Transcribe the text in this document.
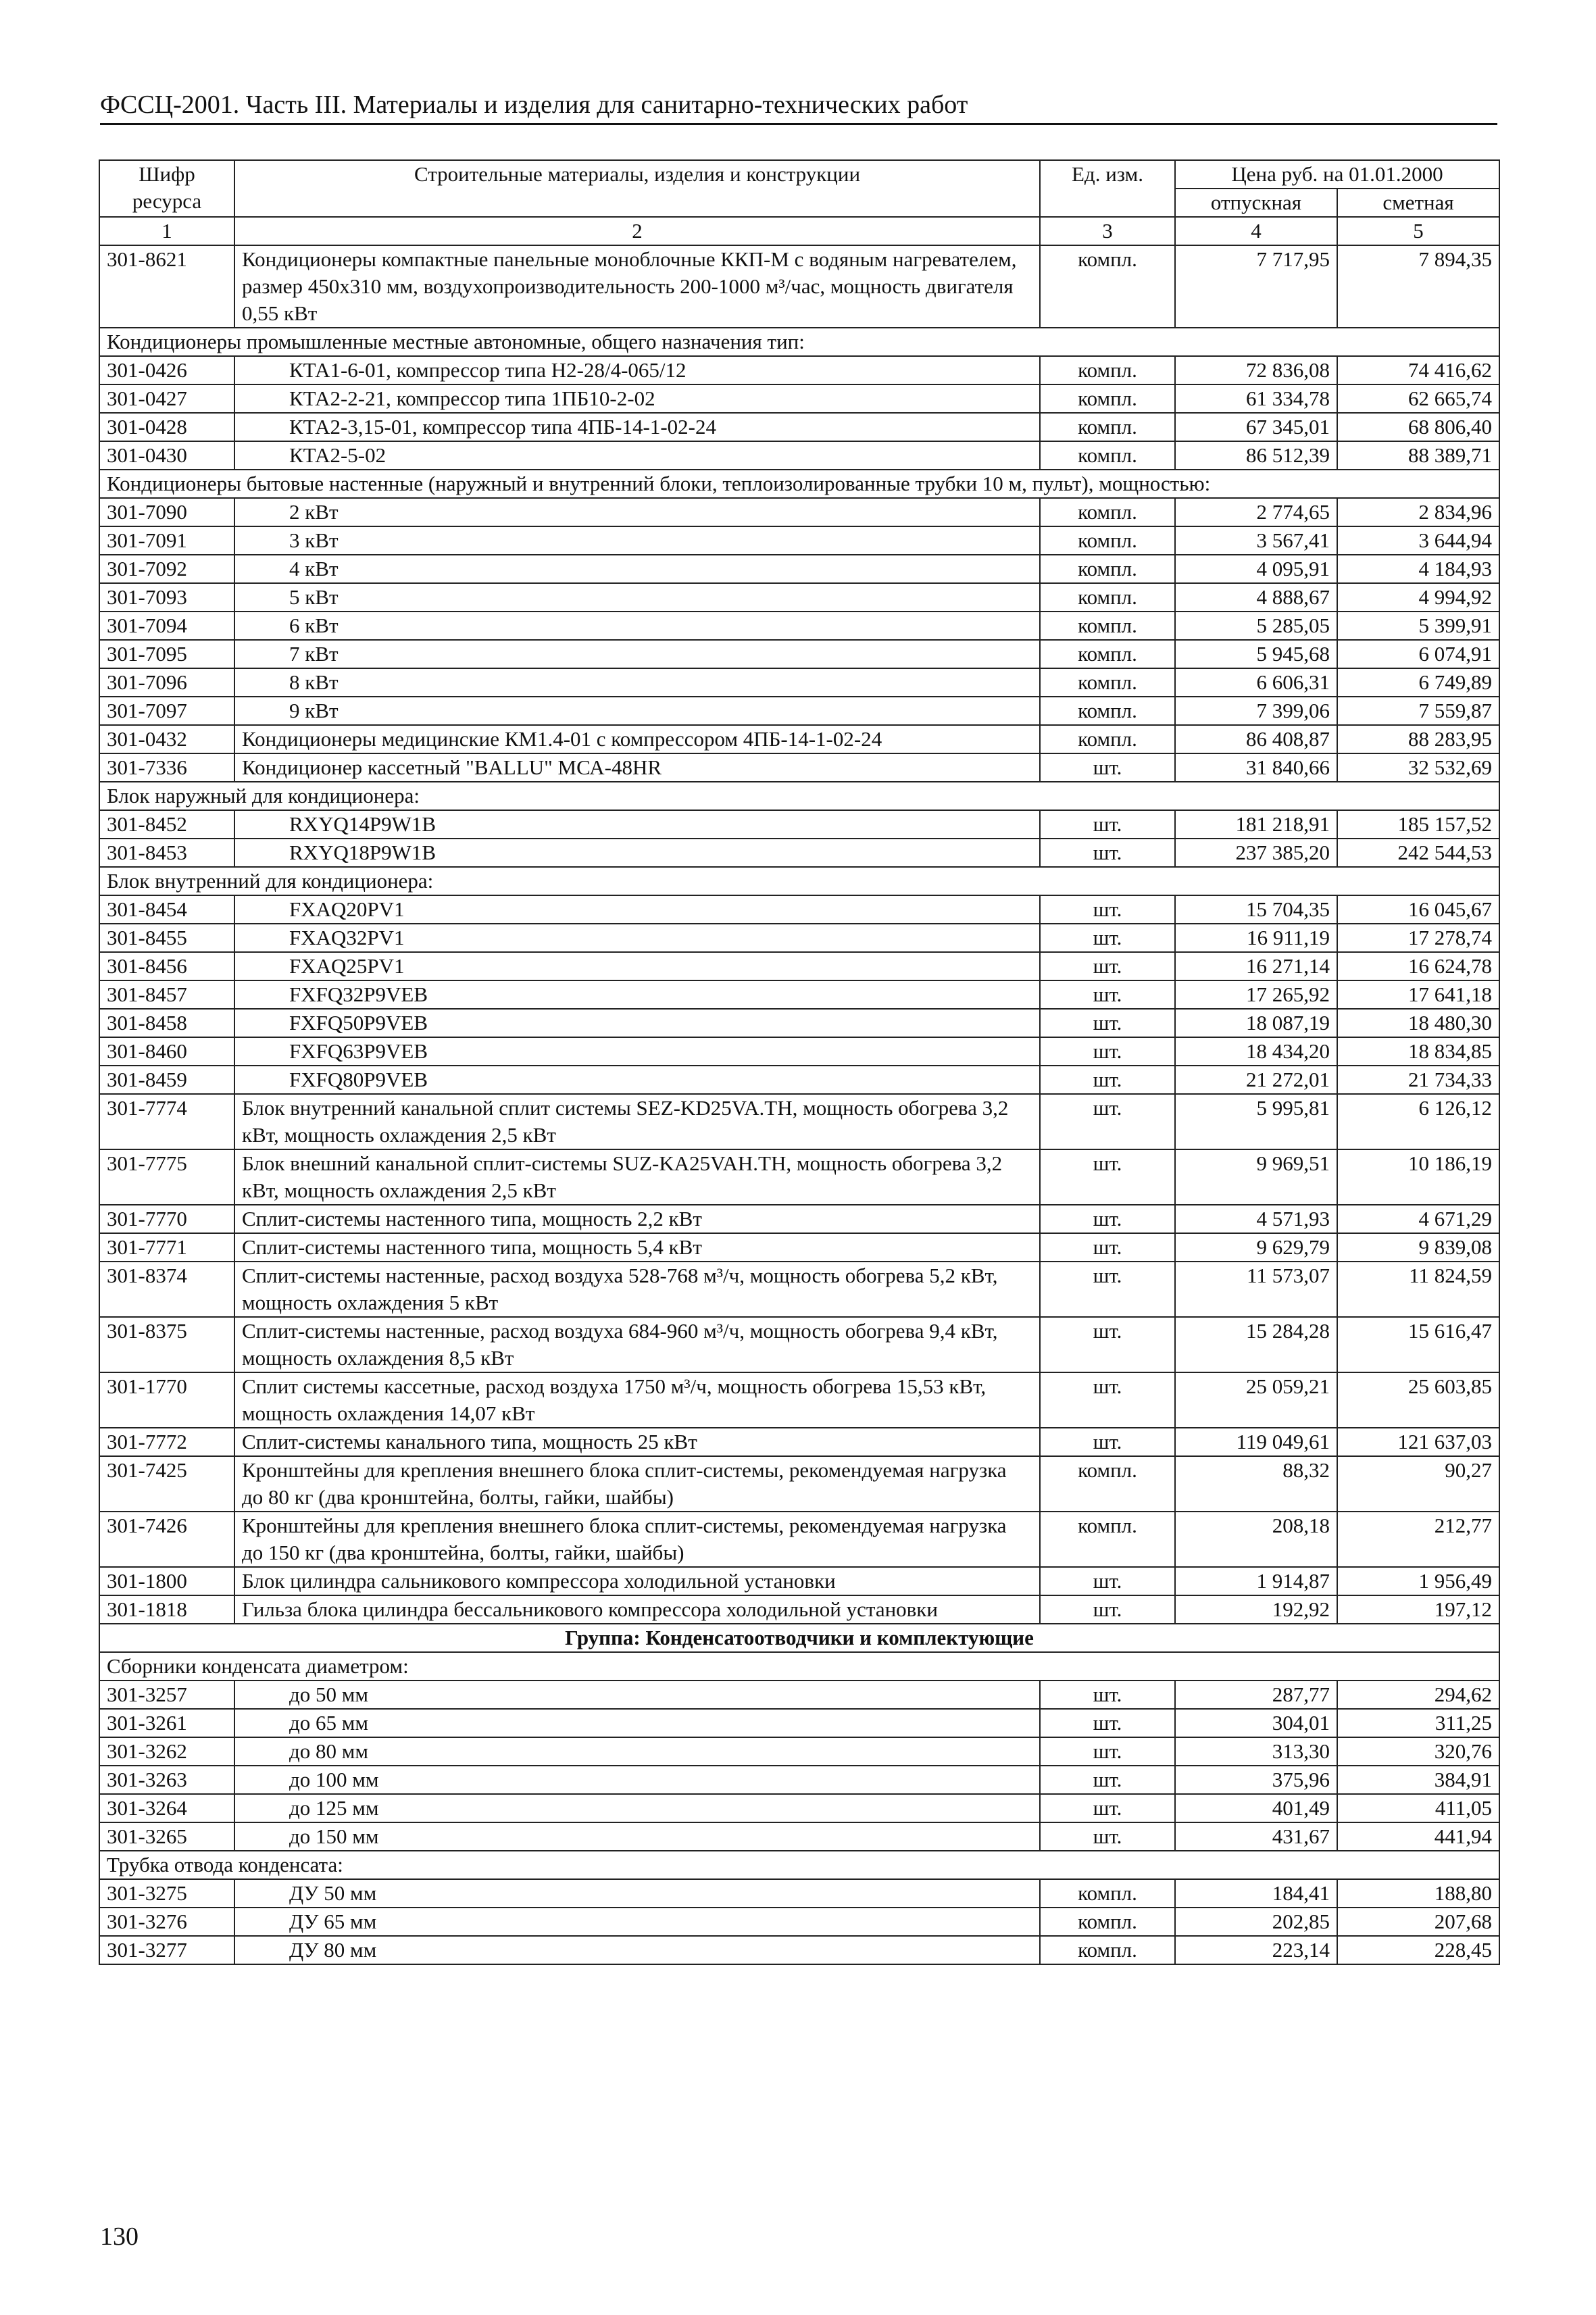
ФССЦ-2001. Часть III. Материалы и изделия для санитарно-технических работ
Шифр ресурса	Строительные материалы, изделия и конструкции	Ед. изм.	Цена руб. на 01.01.2000	
			отпускная	сметная
1	2	3	4	5
301-8621	Кондиционеры компактные панельные моноблочные ККП-М с водяным нагревателем, размер 450х310 мм, воздухопроизводительность 200-1000 м³/час, мощность двигателя 0,55 кВт	компл.	7 717,95	7 894,35
Кондиционеры промышленные местные автономные, общего назначения тип:				
301-0426	КТА1-6-01, компрессор типа Н2-28/4-065/12	компл.	72 836,08	74 416,62
301-0427	КТА2-2-21, компрессор типа 1ПБ10-2-02	компл.	61 334,78	62 665,74
301-0428	КТА2-3,15-01, компрессор типа 4ПБ-14-1-02-24	компл.	67 345,01	68 806,40
301-0430	КТА2-5-02	компл.	86 512,39	88 389,71
Кондиционеры бытовые настенные (наружный и внутренний блоки, теплоизолированные трубки 10 м, пульт), мощностью:				
301-7090	2 кВт	компл.	2 774,65	2 834,96
301-7091	3 кВт	компл.	3 567,41	3 644,94
301-7092	4 кВт	компл.	4 095,91	4 184,93
301-7093	5 кВт	компл.	4 888,67	4 994,92
301-7094	6 кВт	компл.	5 285,05	5 399,91
301-7095	7 кВт	компл.	5 945,68	6 074,91
301-7096	8 кВт	компл.	6 606,31	6 749,89
301-7097	9 кВт	компл.	7 399,06	7 559,87
301-0432	Кондиционеры медицинские КМ1.4-01 с компрессором 4ПБ-14-1-02-24	компл.	86 408,87	88 283,95
301-7336	Кондиционер кассетный "BALLU" МСА-48HR	шт.	31 840,66	32 532,69
Блок наружный для кондиционера:				
301-8452	RXYQ14P9W1B	шт.	181 218,91	185 157,52
301-8453	RXYQ18P9W1B	шт.	237 385,20	242 544,53
Блок внутренний для кондиционера:				
301-8454	FXAQ20PV1	шт.	15 704,35	16 045,67
301-8455	FXAQ32PV1	шт.	16 911,19	17 278,74
301-8456	FXAQ25PV1	шт.	16 271,14	16 624,78
301-8457	FXFQ32P9VEB	шт.	17 265,92	17 641,18
301-8458	FXFQ50P9VEB	шт.	18 087,19	18 480,30
301-8460	FXFQ63P9VEB	шт.	18 434,20	18 834,85
301-8459	FXFQ80P9VEB	шт.	21 272,01	21 734,33
301-7774	Блок внутренний канальной сплит системы SEZ-KD25VA.TH, мощность обогрева 3,2 кВт, мощность охлаждения 2,5 кВт	шт.	5 995,81	6 126,12
301-7775	Блок внешний канальной сплит-системы SUZ-KA25VAH.TH, мощность обогрева 3,2 кВт, мощность охлаждения 2,5 кВт	шт.	9 969,51	10 186,19
301-7770	Сплит-системы настенного типа, мощность 2,2 кВт	шт.	4 571,93	4 671,29
301-7771	Сплит-системы настенного типа, мощность 5,4 кВт	шт.	9 629,79	9 839,08
301-8374	Сплит-системы настенные, расход воздуха 528-768 м³/ч, мощность обогрева 5,2 кВт, мощность охлаждения 5 кВт	шт.	11 573,07	11 824,59
301-8375	Сплит-системы настенные, расход воздуха 684-960 м³/ч, мощность обогрева 9,4 кВт, мощность охлаждения 8,5 кВт	шт.	15 284,28	15 616,47
301-1770	Сплит системы кассетные, расход воздуха 1750 м³/ч, мощность обогрева 15,53 кВт, мощность охлаждения 14,07 кВт	шт.	25 059,21	25 603,85
301-7772	Сплит-системы канального типа, мощность 25 кВт	шт.	119 049,61	121 637,03
301-7425	Кронштейны для крепления внешнего блока сплит-системы, рекомендуемая нагрузка до 80 кг (два кронштейна, болты, гайки, шайбы)	компл.	88,32	90,27
301-7426	Кронштейны для крепления внешнего блока сплит-системы, рекомендуемая нагрузка до 150 кг (два кронштейна, болты, гайки, шайбы)	компл.	208,18	212,77
301-1800	Блок цилиндра сальникового компрессора холодильной установки	шт.	1 914,87	1 956,49
301-1818	Гильза блока цилиндра бессальникового компрессора холодильной установки	шт.	192,92	197,12
Группа: Конденсатоотводчики и комплектующие				
Сборники конденсата диаметром:				
301-3257	до 50 мм	шт.	287,77	294,62
301-3261	до 65 мм	шт.	304,01	311,25
301-3262	до 80 мм	шт.	313,30	320,76
301-3263	до 100 мм	шт.	375,96	384,91
301-3264	до 125 мм	шт.	401,49	411,05
301-3265	до 150 мм	шт.	431,67	441,94
Трубка отвода конденсата:				
301-3275	ДУ 50 мм	компл.	184,41	188,80
301-3276	ДУ 65 мм	компл.	202,85	207,68
301-3277	ДУ 80 мм	компл.	223,14	228,45
130
